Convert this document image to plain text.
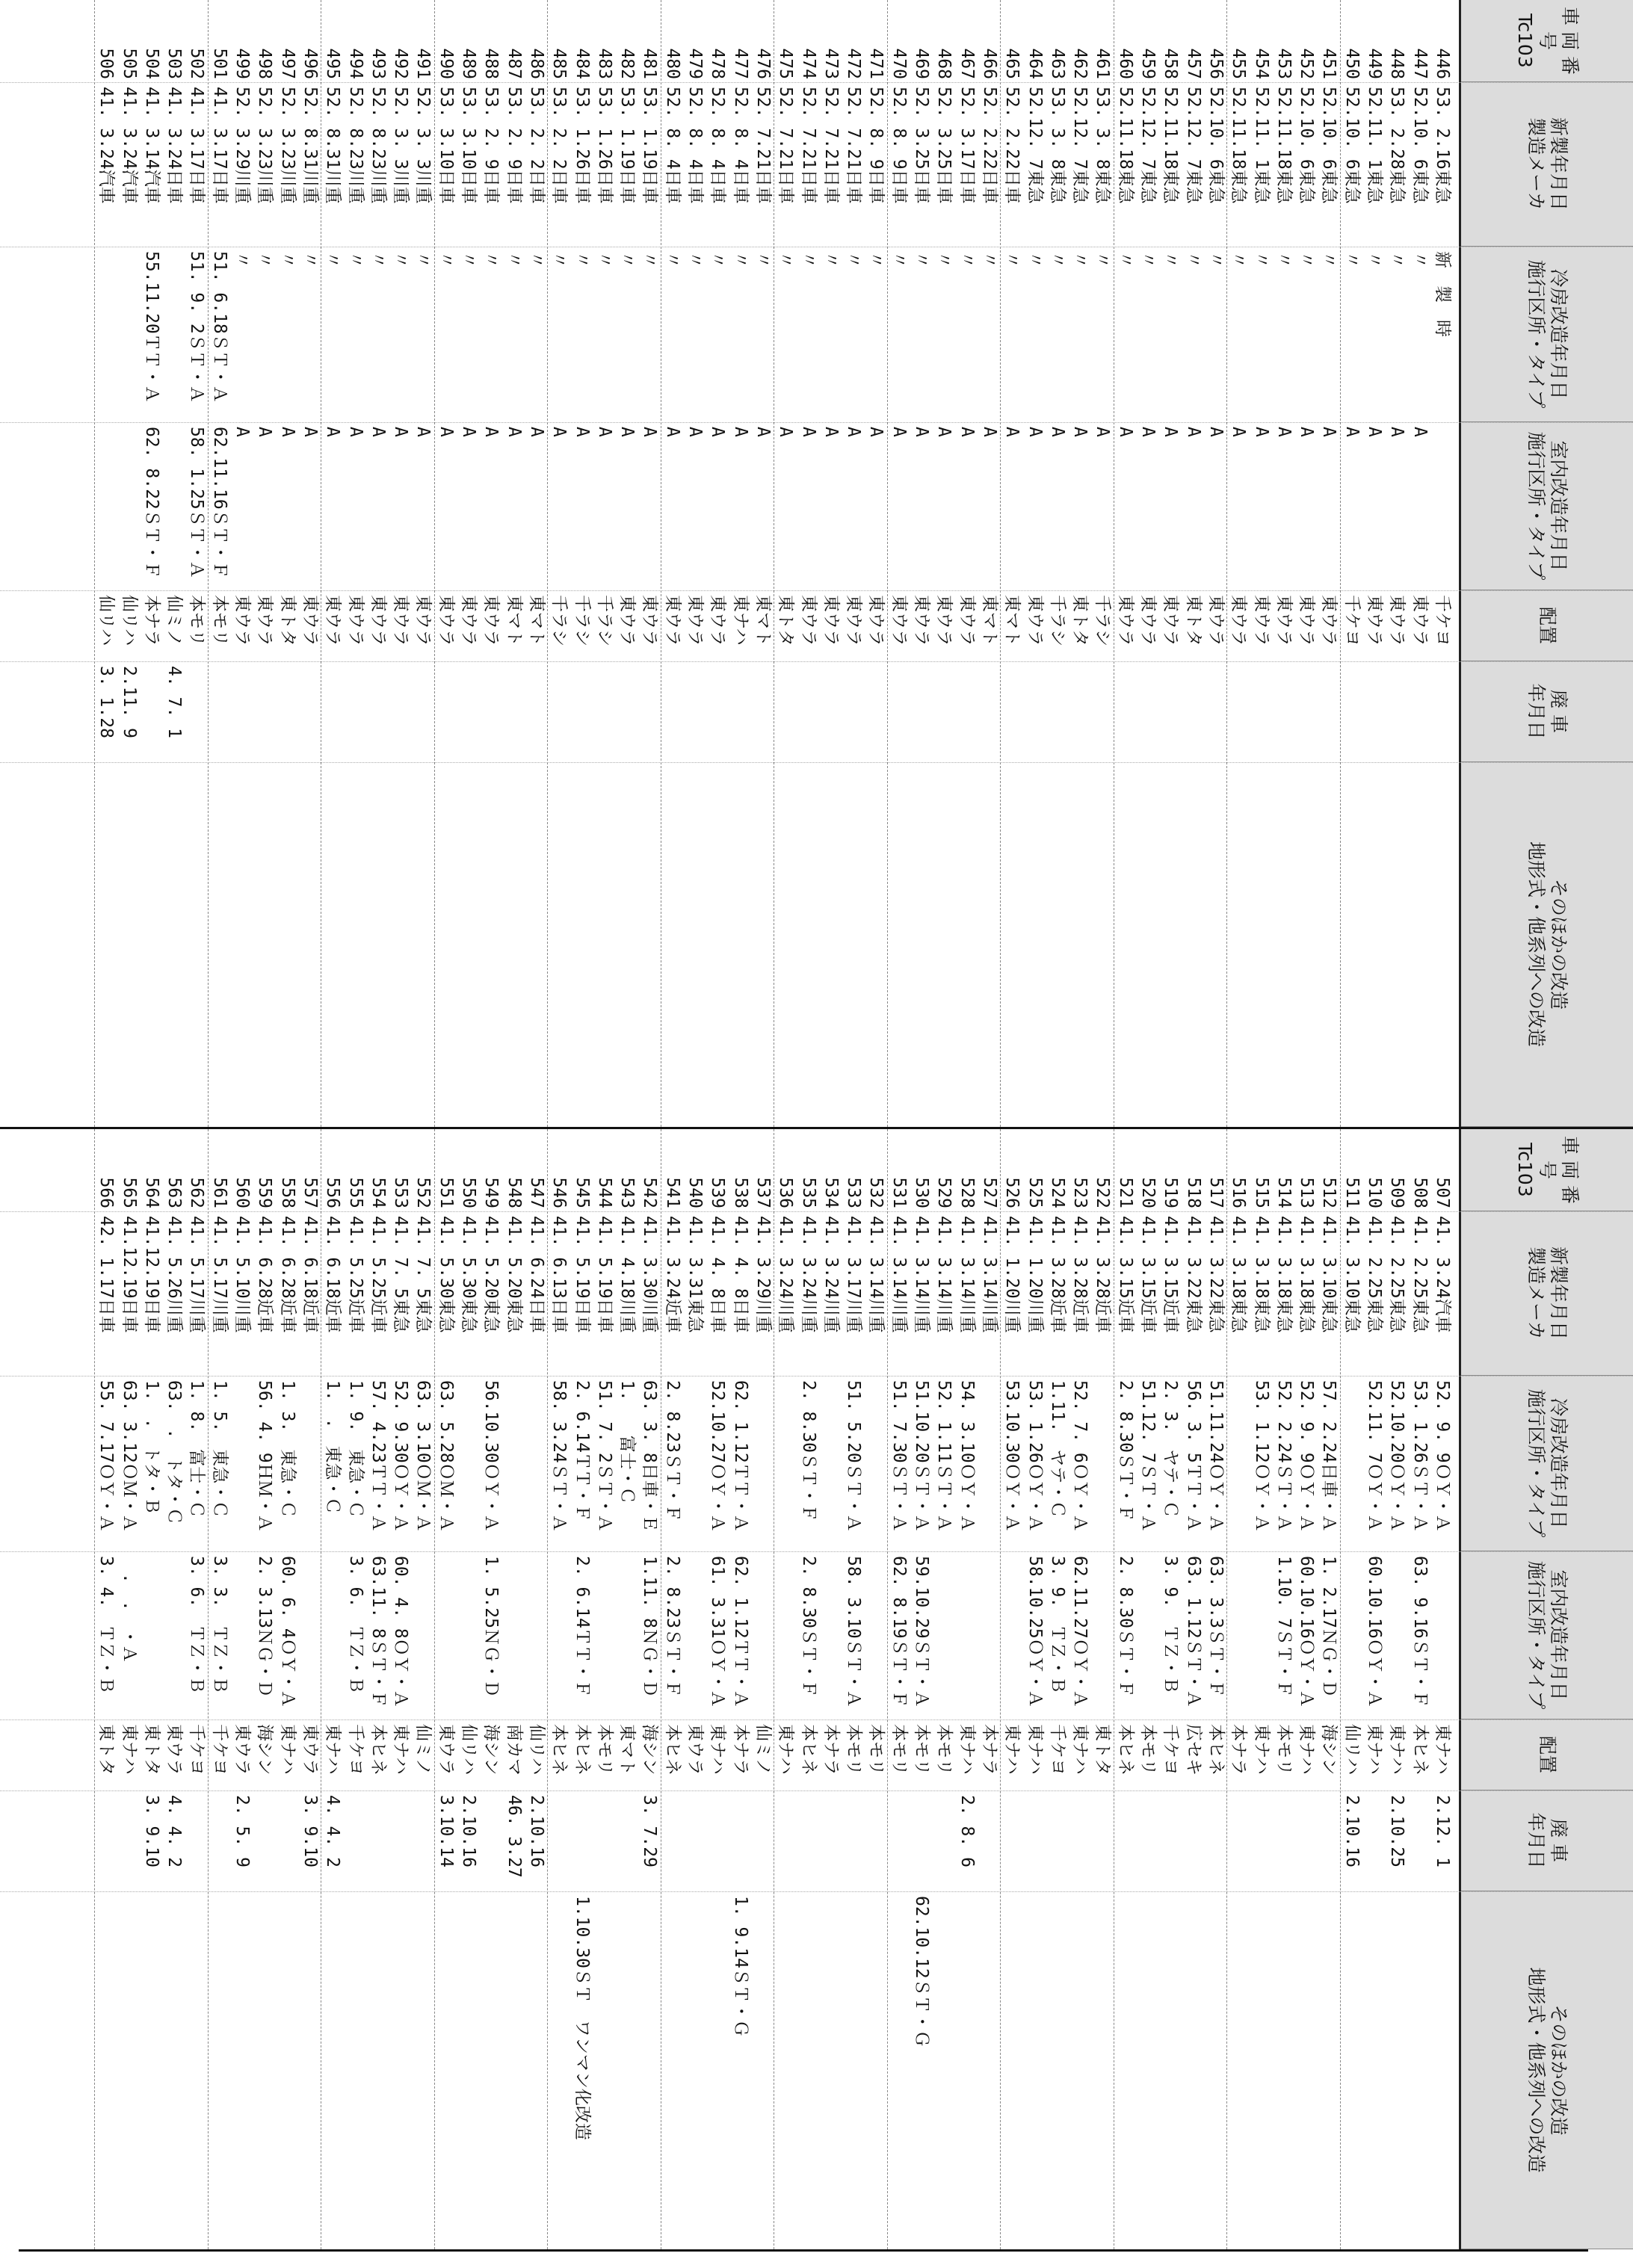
車 両 番 号
Tc103
新製年月日
製造メーカ
冷房改造年月日
施行区所・タイプ
室内改造年月日
施行区所・タイプ
配置
廃 車
年月日
そのほかの改造
地形式・他系列への改造
446
53. 2.16東急
新　製　時
千ケヨ
447
52.10. 6東急
〃
A
東ウラ
448
53. 2.28東急
〃
A
東ウラ
449
52.11. 1東急
〃
A
東ウラ
450
52.10. 6東急
〃
A
千ケヨ
451
52.10. 6東急
〃
A
東ウラ
452
52.10. 6東急
〃
A
東ウラ
453
52.11.18東急
〃
A
東ウラ
454
52.11. 1東急
〃
A
東ウラ
455
52.11.18東急
〃
A
東ウラ
456
52.10. 6東急
〃
A
東ウラ
457
52.12. 7東急
〃
A
東トタ
458
52.11.18東急
〃
A
東ウラ
459
52.12. 7東急
〃
A
東ウラ
460
52.11.18東急
〃
A
東ウラ
461
53. 3. 8東急
〃
A
千ラシ
462
52.12. 7東急
〃
A
東トタ
463
53. 3. 8東急
〃
A
千ラシ
464
52.12. 7東急
〃
A
東ウラ
465
52. 2.22日車
〃
A
東マト
466
52. 2.22日車
〃
A
東マト
467
52. 3.17日車
〃
A
東ウラ
468
52. 3.25日車
〃
A
東ウラ
469
52. 3.25日車
〃
A
東ウラ
470
52. 8. 9日車
〃
A
東ウラ
471
52. 8. 9日車
〃
A
東ウラ
472
52. 7.21日車
〃
A
東ウラ
473
52. 7.21日車
〃
A
東ウラ
474
52. 7.21日車
〃
A
東ウラ
475
52. 7.21日車
〃
A
東トタ
476
52. 7.21日車
〃
A
東マト
477
52. 8. 4日車
〃
A
東ナハ
478
52. 8. 4日車
〃
A
東ウラ
479
52. 8. 4日車
〃
A
東ウラ
480
52. 8. 4日車
〃
A
東ウラ
481
53. 1.19日車
〃
A
東ウラ
482
53. 1.19日車
〃
A
東ウラ
483
53. 1.26日車
〃
A
千ラシ
484
53. 1.26日車
〃
A
千ラシ
485
53. 2. 2日車
〃
A
千ラシ
486
53. 2. 2日車
〃
A
東マト
487
53. 2. 9日車
〃
A
東マト
488
53. 2. 9日車
〃
A
東ウラ
489
53. 3.10日車
〃
A
東ウラ
490
53. 3.10日車
〃
A
東ウラ
491
52. 3. 3川重
〃
A
東ウラ
492
52. 3. 3川重
〃
A
東ウラ
493
52. 8.23川重
〃
A
東ウラ
494
52. 8.23川重
〃
A
東ウラ
495
52. 8.31川重
〃
A
東ウラ
496
52. 8.31川重
〃
A
東ウラ
497
52. 3.23川重
〃
A
東トタ
498
52. 3.23川重
〃
A
東ウラ
499
52. 3.29川重
〃
A
東ウラ
501
41. 3.17日車
51. 6.18ＳＴ・Ａ
62.11.16ＳＴ・Ｆ
本モリ
502
41. 3.17日車
51. 9. 2ＳＴ・Ａ
58. 1.25ＳＴ・Ａ
本モリ
503
41. 3.24日車
仙ミノ
4. 7. 1
504
41. 3.14汽車
55.11.20ＴＴ・Ａ
62. 8.22ＳＴ・Ｆ
本ナラ
505
41. 3.24汽車
仙リハ
2.11. 9
506
41. 3.24汽車
仙リハ
3. 1.28
車 両 番 号
Tc103
新製年月日
製造メーカ
冷房改造年月日
施行区所・タイプ
室内改造年月日
施行区所・タイプ
配置
廃 車
年月日
そのほかの改造
地形式・他系列への改造
507
41. 3.24汽車
52. 9. 9ＯＹ・Ａ
東ナハ
2.12. 1
508
41. 2.25東急
53. 1.26ＳＴ・Ａ
63. 9.16ＳＴ・Ｆ
本ヒネ
509
41. 2.25東急
52.10.20ＯＹ・Ａ
東ナハ
2.10.25
510
41. 2.25東急
52.11. 7ＯＹ・Ａ
60.10.16ＯＹ・Ａ
東ナハ
511
41. 3.10東急
仙リハ
2.10.16
512
41. 3.10東急
57. 2.24日車・Ａ
1. 2.17ＮＧ・Ｄ
海シン
513
41. 3.18東急
52. 9. 9ＯＹ・Ａ
60.10.16ＯＹ・Ａ
東ナハ
514
41. 3.18東急
52. 2.24ＳＴ・Ａ
1.10. 7ＳＴ・Ｆ
本モリ
515
41. 3.18東急
53. 1.12ＯＹ・Ａ
東ナハ
516
41. 3.18東急
本ナラ
517
41. 3.22東急
51.11.24ＯＹ・Ａ
63. 3.3ＳＴ・Ｆ
本ヒネ
518
41. 3.22東急
56. 3. 5ＴＴ・Ａ
63. 1.12ＳＴ・Ａ
広セキ
519
41. 3.15近車
2. 3.　ヤテ・Ｃ
3. 9.　ＴＺ・Ｂ
千ケヨ
520
41. 3.15近車
51.12. 7ＳＴ・Ａ
本モリ
521
41. 3.15近車
2. 8.30ＳＴ・Ｆ
2. 8.30ＳＴ・Ｆ
本ヒネ
522
41. 3.28近車
東トタ
523
41. 3.28近車
52. 7. 6ＯＹ・Ａ
62.11.27ＯＹ・Ａ
東ナハ
524
41. 3.28近車
1.11.　ヤテ・Ｃ
3. 9.　ＴＺ・Ｂ
千ケヨ
525
41. 1.20川重
53. 1.26ＯＹ・Ａ
58.10.25ＯＹ・Ａ
東ナハ
526
41. 1.20川重
53.10.30ＯＹ・Ａ
東ナハ
527
41. 3.14川重
本ナラ
528
41. 3.14川重
54. 3.10ＯＹ・Ａ
東ナハ
2. 8. 6
529
41. 3.14川重
52. 1.11ＳＴ・Ａ
本モリ
530
41. 3.14川重
51.10.20ＳＴ・Ａ
59.10.29ＳＴ・Ａ
本モリ
62.10.12ＳＴ・Ｇ
531
41. 3.14川重
51. 7.30ＳＴ・Ａ
62. 8.19ＳＴ・Ｆ
本モリ
532
41. 3.14川重
本モリ
533
41. 3.17川重
51. 5.20ＳＴ・Ａ
58. 3.10ＳＴ・Ａ
本モリ
534
41. 3.24川重
本ナラ
535
41. 3.24川重
2. 8.30ＳＴ・Ｆ
2. 8.30ＳＴ・Ｆ
本ヒネ
536
41. 3.24川重
東ナハ
537
41. 3.29川重
仙ミノ
538
41. 4. 8日車
62. 1.12ＴＴ・Ａ
62. 1.12ＴＴ・Ａ
本ナラ
1. 9.14ＳＴ・Ｇ
539
41. 4. 8日車
52.10.27ＯＹ・Ａ
61. 3.31ＯＹ・Ａ
東ナハ
540
41. 3.31東急
東ウラ
541
41. 3.24近車
2. 8.23ＳＴ・Ｆ
2. 8.23ＳＴ・Ｆ
本ヒネ
542
41. 3.30川重
63. 3. 8日車・Ｅ
1.11. 8ＮＧ・Ｄ
海シン
3. 7.29
543
41. 4.18川重
1.　　富士・Ｃ
東マト
544
41. 5.19日車
51. 7. 2ＳＴ・Ａ
本モリ
545
41. 5.19日車
2. 6.14ＴＴ・Ｆ
2. 6.14ＴＴ・Ｆ
本ヒネ
1.10.30ＳＴ　ワンマン化改造
546
41. 6.13日車
58. 3.24ＳＴ・Ａ
本ヒネ
547
41. 6.24日車
仙リハ
2.10.16
548
41. 5.20東急
南カマ
46. 3.27
549
41. 5.20東急
56.10.30ＯＹ・Ａ
1. 5.25ＮＧ・Ｄ
海シン
550
41. 5.30東急
仙リハ
2.10.16
551
41. 5.30東急
63. 5.28ＯＭ・Ａ
東ウラ
3.10.14
552
41. 7. 5東急
63. 3.10ＯＭ・Ａ
仙ミノ
553
41. 7. 5東急
52. 9.30ＯＹ・Ａ
60. 4. 8ＯＹ・Ａ
東ナハ
554
41. 5.25近車
57. 4.23ＴＴ・Ａ
63.11. 8ＳＴ・Ｆ
本ヒネ
555
41. 5.25近車
1. 9.　東急・Ｃ
3. 6.　ＴＺ・Ｂ
千ケヨ
556
41. 6.18近車
1.　.　東急・Ｃ
東ナハ
4. 4. 2
557
41. 6.18近車
東ウラ
3. 9.10
558
41. 6.28近車
1. 3.　東急・Ｃ
60. 6. 4ＯＹ・Ａ
東ナハ
559
41. 6.28近車
56. 4. 9ＨＭ・Ａ
2. 3.13ＮＧ・Ｄ
海シン
560
41. 5.10川重
東ウラ
2. 5. 9
561
41. 5.17川重
1. 5.　東急・Ｃ
3. 3.　ＴＺ・Ｂ
千ケヨ
562
41. 5.17川重
1. 8.　富士・Ｃ
3. 6.　ＴＺ・Ｂ
千ケヨ
563
41. 5.26川重
63.　.　トタ・Ｃ
東ウラ
4. 4. 2
564
41.12.19日車
1.　.　トタ・Ｂ
東トタ
3. 9.10
565
41.12.19日車
63. 3.12ＯＭ・Ａ
　.　.　・Ａ
東ナハ
566
42. 1.17日車
55. 7.17ＯＹ・Ａ
3. 4.　ＴＺ・Ｂ
東トタ
